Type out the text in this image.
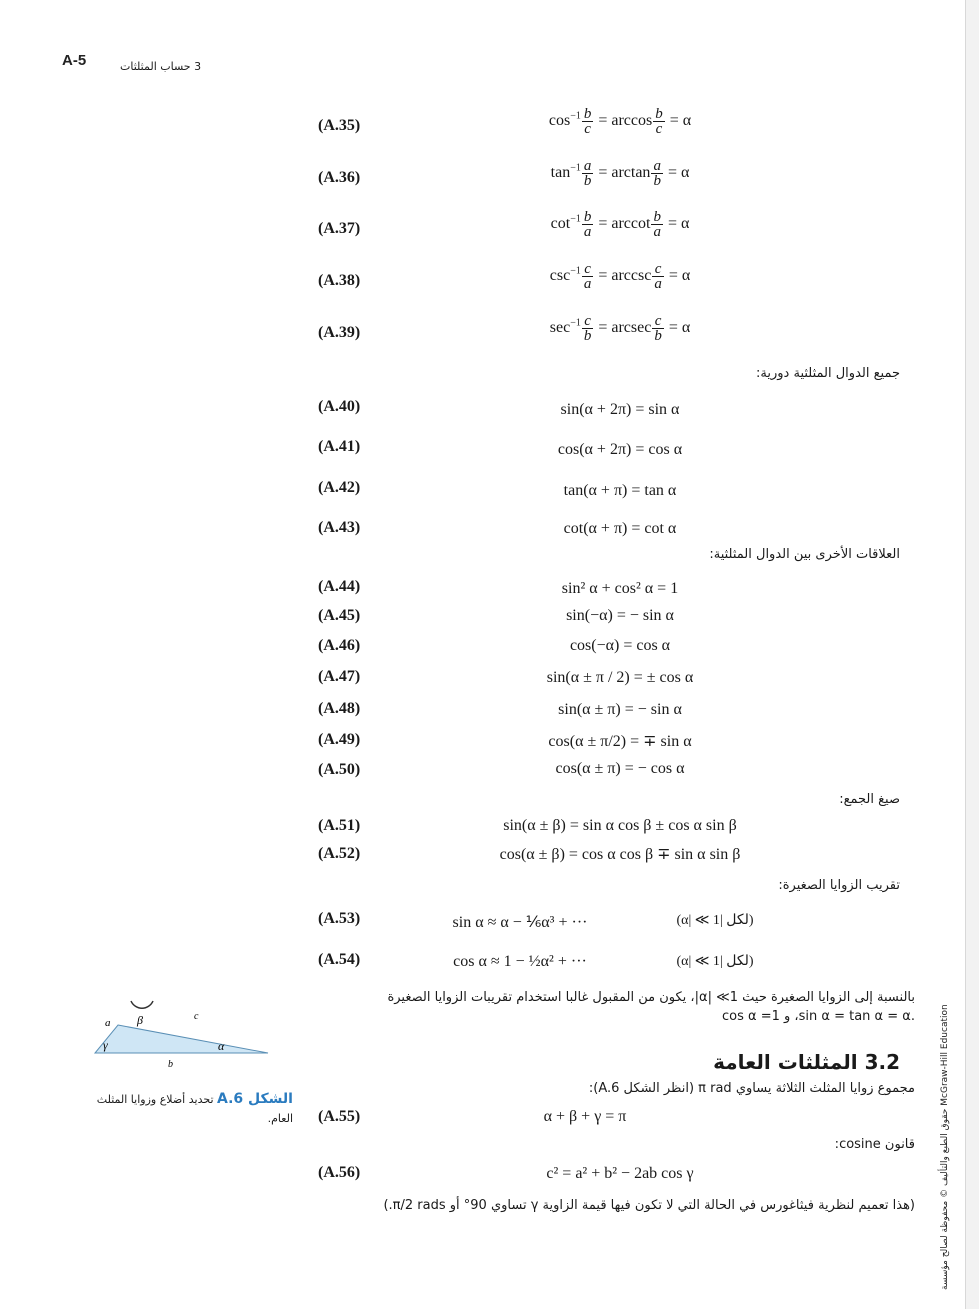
A-5	3 حساب المثلثات
جميع الدوال المثلثية دورية:
(A.40)	sin(α + 2π) = sin α
(A.41)	cos(α + 2π) = cos α
(A.42)	tan(α + π) = tan α
(A.43)	cot(α + π) = cot α
العلاقات الأخرى بين الدوال المثلثية:
(A.44)	sin² α + cos² α = 1
(A.45)	sin(−α) = − sin α
(A.46)	cos(−α) = cos α
(A.47)	sin(α ± π / 2) = ± cos α
(A.48)	sin(α ± π) = − sin α
(A.49)	cos(α ± π/2) = ∓ sin α
(A.50)	cos(α ± π) = − cos α
صيغ الجمع:
(A.51)	sin(α ± β) = sin α cos β ± cos α sin β
(A.52)	cos(α ± β) = cos α cos β ∓ sin α sin β
تقريب الزوايا الصغيرة:
(A.53)	sin α ≈ α − ⅙α³ + ···	(لكل |α| ≪ 1)
(A.54)	cos α ≈ 1 − ½α² + ···	(لكل |α| ≪ 1)
بالنسبة إلى الزوايا الصغيرة حيث 1≫ |α|، يكون من المقبول غالبا استخدام تقريبات الزوايا الصغيرة
.sin α = tan α = α، و cos α =1
3.2 المثلثات العامة
مجموع زوايا المثلث الثلاثة يساوي π rad (انظر الشكل A.6):
(A.55)	α + β + γ = π
قانون cosine:
(A.56)	c² = a² + b² − 2ab cos γ
(هذا تعميم لنظرية فيثاغورس في الحالة التي لا تكون فيها قيمة الزاوية γ تساوي 90° أو π/2 rads.)
a β	c
γ	α
b
الشكل A.6 تحديد أضلاع وزوايا المثلث العام.	حقوق الطبع والتأليف © محفوظة لصالح مؤسسة McGraw-Hill Education
(A.35)	$\cos^{-1} \frac{b}{c} = \arccos \frac{b}{c} = \alpha$
(A.36)	$\tan^{-1} \frac{a}{b} = \arctan \frac{a}{b} = \alpha$
(A.37)	$\cot^{-1} \frac{b}{a} = arccot \frac{b}{a} = \alpha$
(A.38)	$\csc^{-1} \frac{c}{a} = arccsc \frac{c}{a} = \alpha$
(A.39)	$\sec^{-1} \frac{c}{b} = arcsec \frac{c}{b} = \alpha$
